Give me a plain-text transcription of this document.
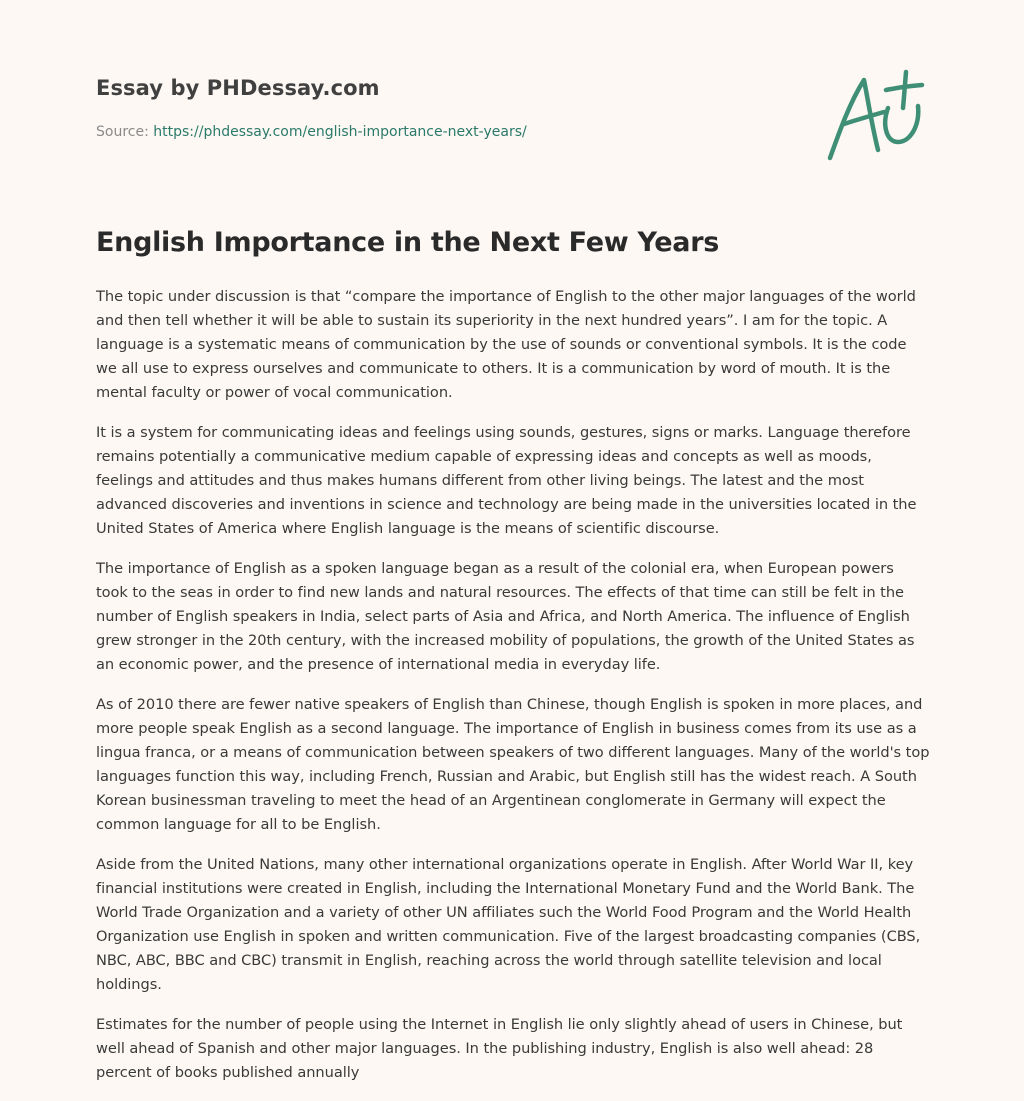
Essay by PHDessay.com
Source: https://phdessay.com/english-importance-next-years/
English Importance in the Next Few Years

The topic under discussion is that “compare the importance of English to the other major languages of the world and then tell whether it will be able to sustain its superiority in the next hundred years”. I am for the topic. A language is a systematic means of communication by the use of sounds or conventional symbols. It is the code we all use to express ourselves and communicate to others. It is a communication by word of mouth. It is the mental faculty or power of vocal communication.

It is a system for communicating ideas and feelings using sounds, gestures, signs or marks. Language therefore remains potentially a communicative medium capable of expressing ideas and concepts as well as moods, feelings and attitudes and thus makes humans different from other living beings. The latest and the most advanced discoveries and inventions in science and technology are being made in the universities located in the United States of America where English language is the means of scientific discourse.

The importance of English as a spoken language began as a result of the colonial era, when European powers took to the seas in order to find new lands and natural resources. The effects of that time can still be felt in the number of English speakers in India, select parts of Asia and Africa, and North America. The influence of English grew stronger in the 20th century, with the increased mobility of populations, the growth of the United States as an economic power, and the presence of international media in everyday life.

As of 2010 there are fewer native speakers of English than Chinese, though English is spoken in more places, and more people speak English as a second language. The importance of English in business comes from its use as a lingua franca, or a means of communication between speakers of two different languages. Many of the world's top languages function this way, including French, Russian and Arabic, but English still has the widest reach. A South Korean businessman traveling to meet the head of an Argentinean conglomerate in Germany will expect the common language for all to be English.

Aside from the United Nations, many other international organizations operate in English. After World War II, key financial institutions were created in English, including the International Monetary Fund and the World Bank. The World Trade Organization and a variety of other UN affiliates such the World Food Program and the World Health Organization use English in spoken and written communication. Five of the largest broadcasting companies (CBS, NBC, ABC, BBC and CBC) transmit in English, reaching across the world through satellite television and local holdings.

Estimates for the number of people using the Internet in English lie only slightly ahead of users in Chinese, but well ahead of Spanish and other major languages. In the publishing industry, English is also well ahead: 28 percent of books published annually
